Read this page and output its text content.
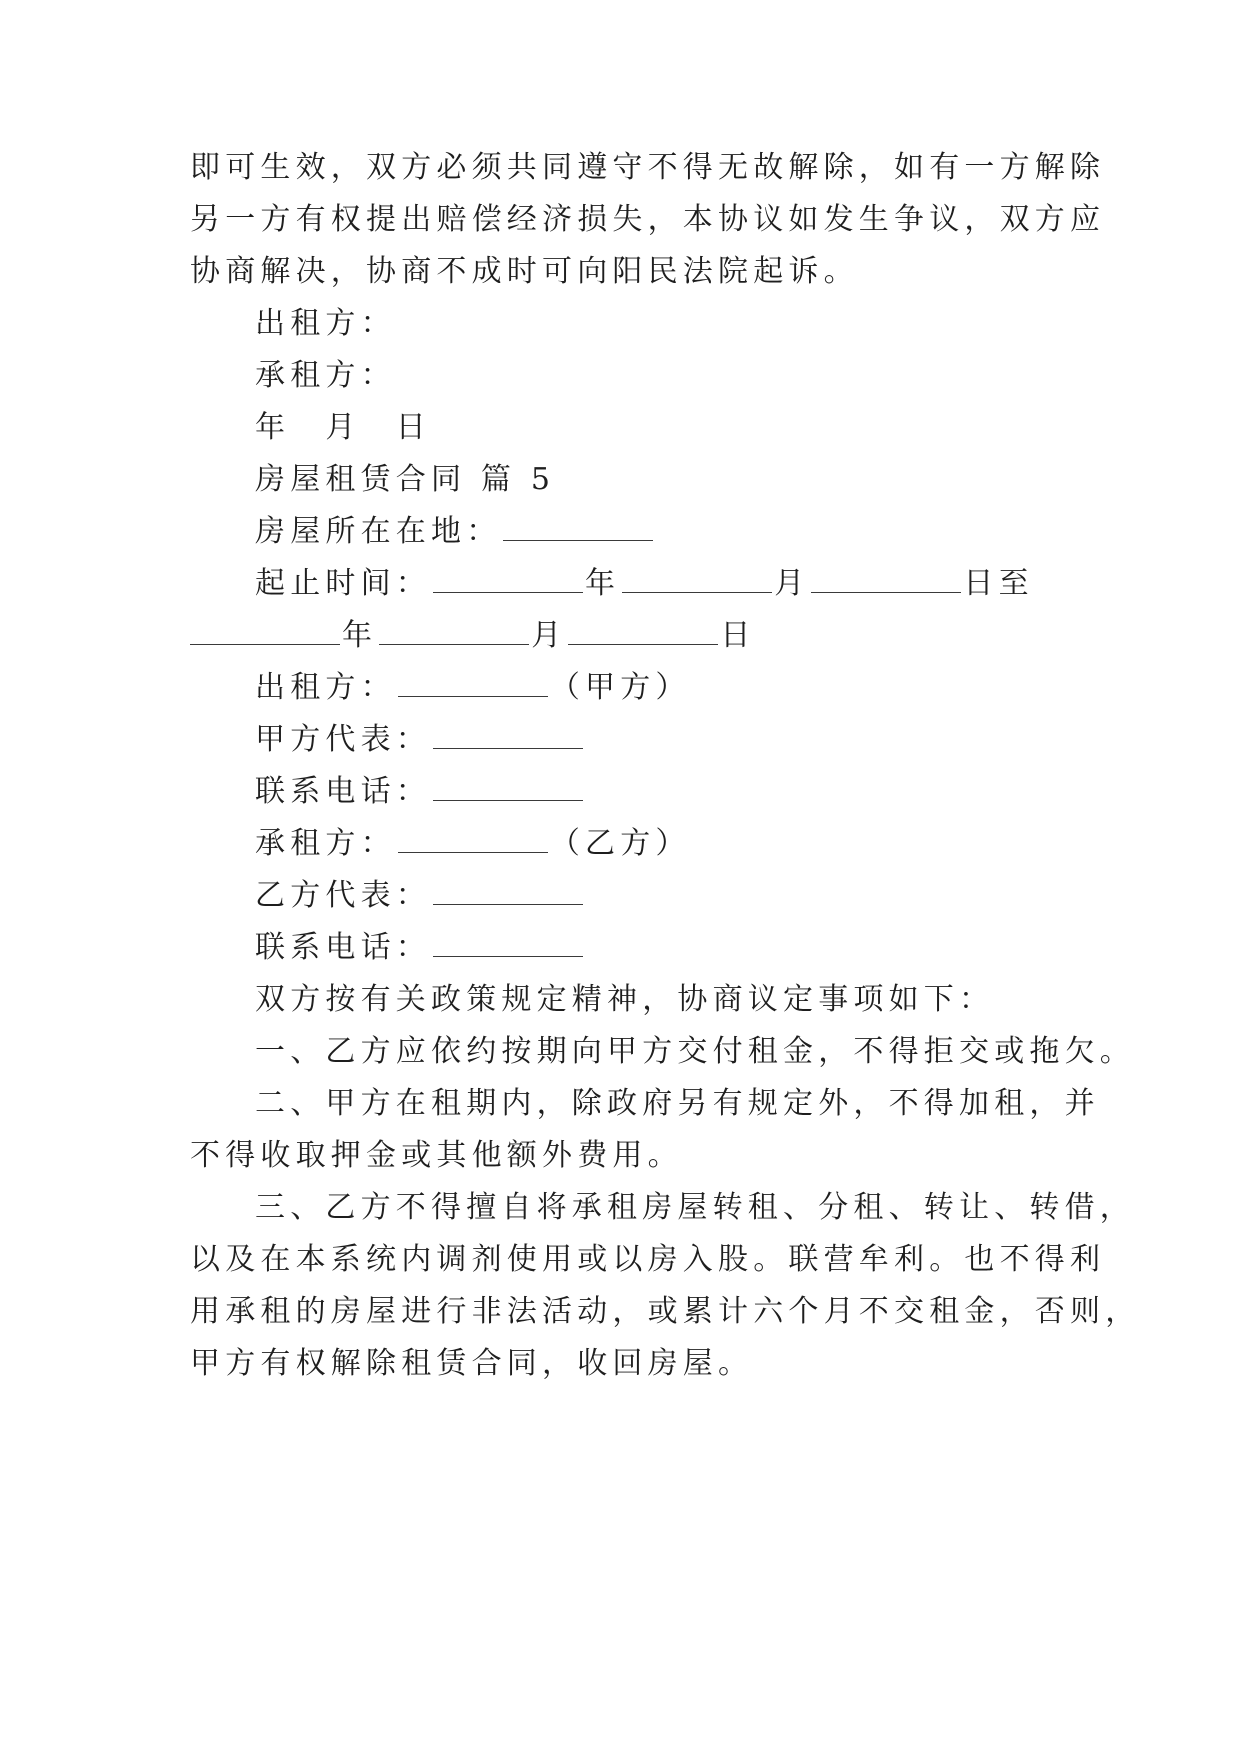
即可生效，双方必须共同遵守不得无故解除，如有一方解除
另一方有权提出赔偿经济损失，本协议如发生争议，双方应
协商解决，协商不成时可向阳民法院起诉。
出租方：
承租方：
年　月　日
房屋租赁合同 篇 5
房屋所在在地：
起止时间：	年	月	日至
年	月	日
出租方：	（甲方）
甲方代表：
联系电话：
承租方：	（乙方）
乙方代表：
联系电话：
双方按有关政策规定精神，协商议定事项如下：
一、乙方应依约按期向甲方交付租金，不得拒交或拖欠。
二、甲方在租期内，除政府另有规定外，不得加租，并
不得收取押金或其他额外费用。
三、乙方不得擅自将承租房屋转租、分租、转让、转借，
以及在本系统内调剂使用或以房入股。联营牟利。也不得利
用承租的房屋进行非法活动，或累计六个月不交租金，否则，
甲方有权解除租赁合同，收回房屋。
